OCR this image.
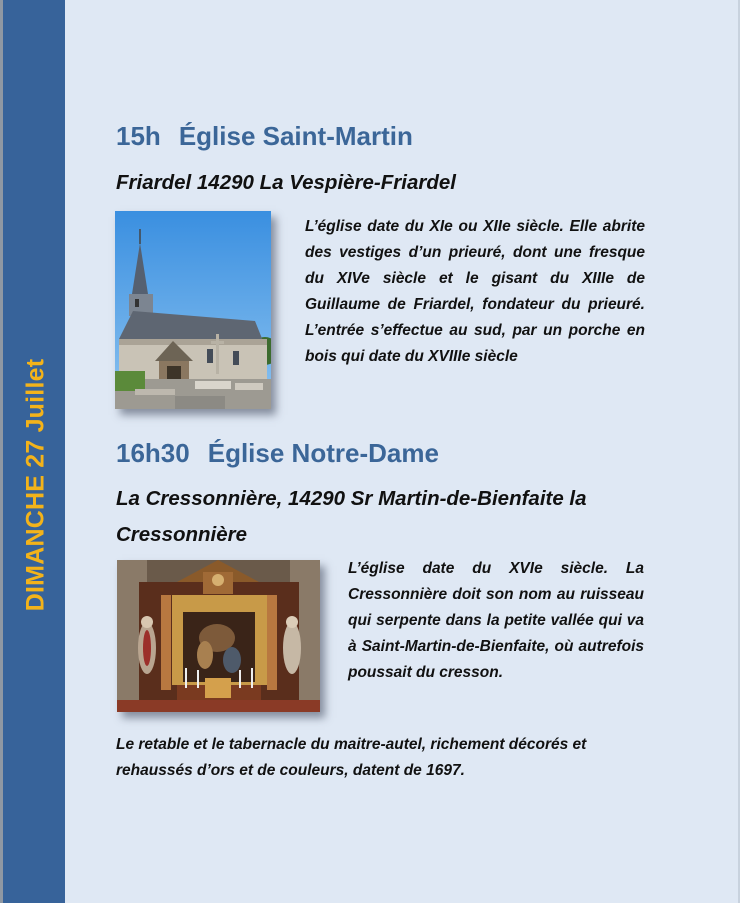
DIMANCHE 27 Juillet
15h Église Saint-Martin

Friardel 14290 La Vespière-Friardel

L’église date du XIe ou XIIe siècle. Elle abrite des vestiges d’un prieuré, dont une fresque du XIVe siècle et le gisant du XIIIe de Guillaume de Friardel, fondateur du prieuré. L’entrée s’effectue au sud, par un porche en bois qui date du XVIIIe siècle

16h30 Église Notre-Dame

La Cressonnière, 14290 Sr Martin-de-Bienfaite la Cressonnière

L’église date du XVIe siècle. La Cressonnière doit son nom au ruisseau qui serpente dans la petite vallée qui va à Saint-Martin-de-Bienfaite, où autrefois poussait du cresson.

Le retable et le tabernacle du maitre-autel, richement décorés et rehaussés d’ors et de couleurs, datent de 1697.
